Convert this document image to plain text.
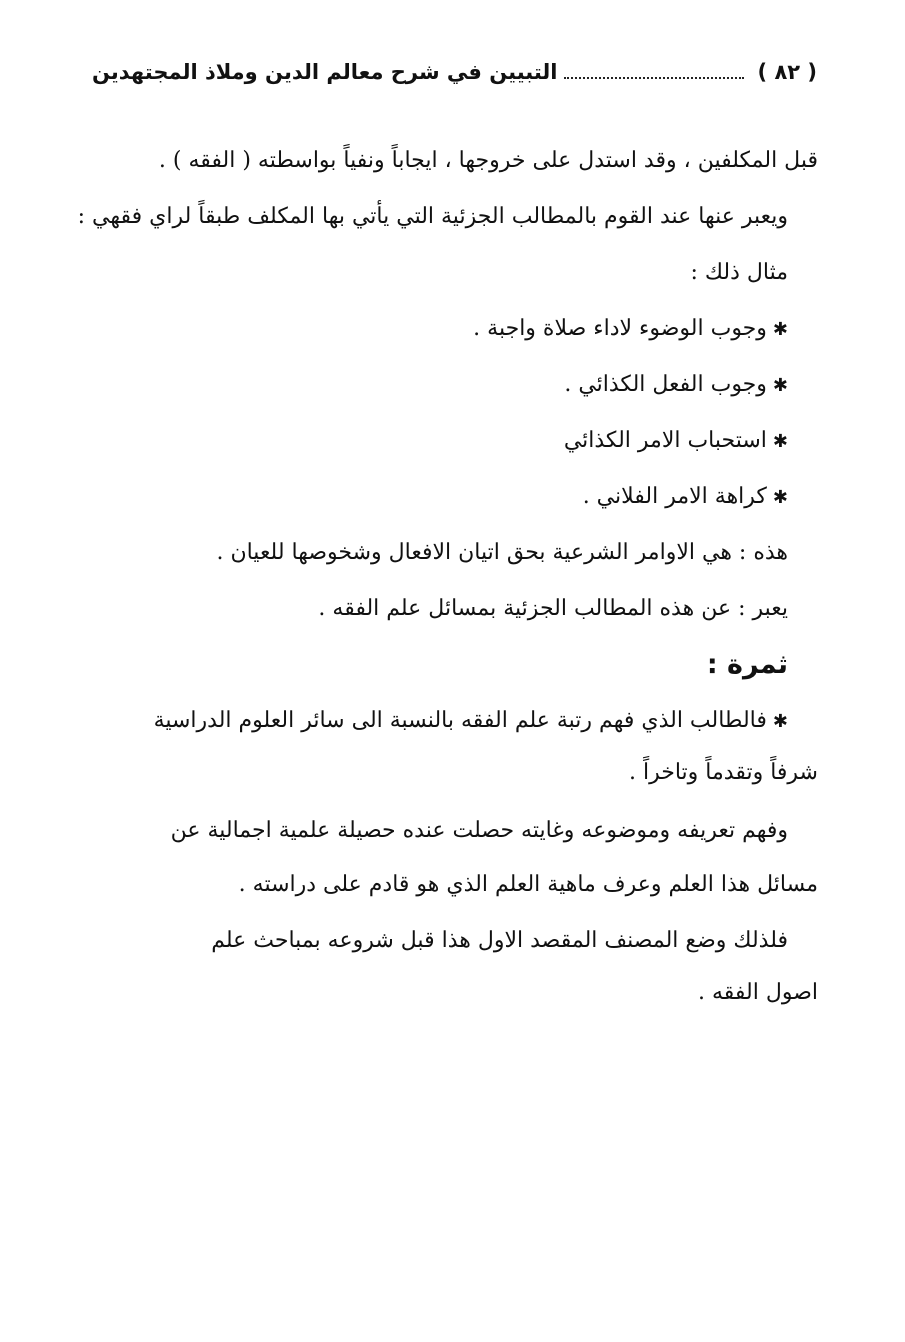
( ٨٢ )
التبيين في شرح معالم الدين وملاذ المجتهدين
قبل المكلفين ، وقد استدل على خروجها ، ايجاباً ونفياً بواسطته ( الفقه ) .
ويعبر عنها عند القوم بالمطالب الجزئية التي يأتي بها المكلف طبقاً لراي فقهي :
مثال ذلك :
✱وجوب الوضوء لاداء صلاة واجبة .
✱وجوب الفعل الكذائي .
✱استحباب الامر الكذائي
✱كراهة الامر الفلاني .
هذه : هي الاوامر الشرعية بحق اتيان الافعال وشخوصها للعيان .
يعبر : عن هذه المطالب الجزئية بمسائل علم الفقه .
ثمرة :
✱فالطالب الذي فهم رتبة علم الفقه بالنسبة الى سائر العلوم الدراسية
شرفاً وتقدماً وتاخراً .
وفهم تعريفه وموضوعه وغايته حصلت عنده حصيلة علمية اجمالية عن
مسائل هذا العلم وعرف ماهية العلم الذي هو قادم على دراسته .
فلذلك وضع المصنف المقصد الاول هذا قبل شروعه بمباحث علم
اصول الفقه .
